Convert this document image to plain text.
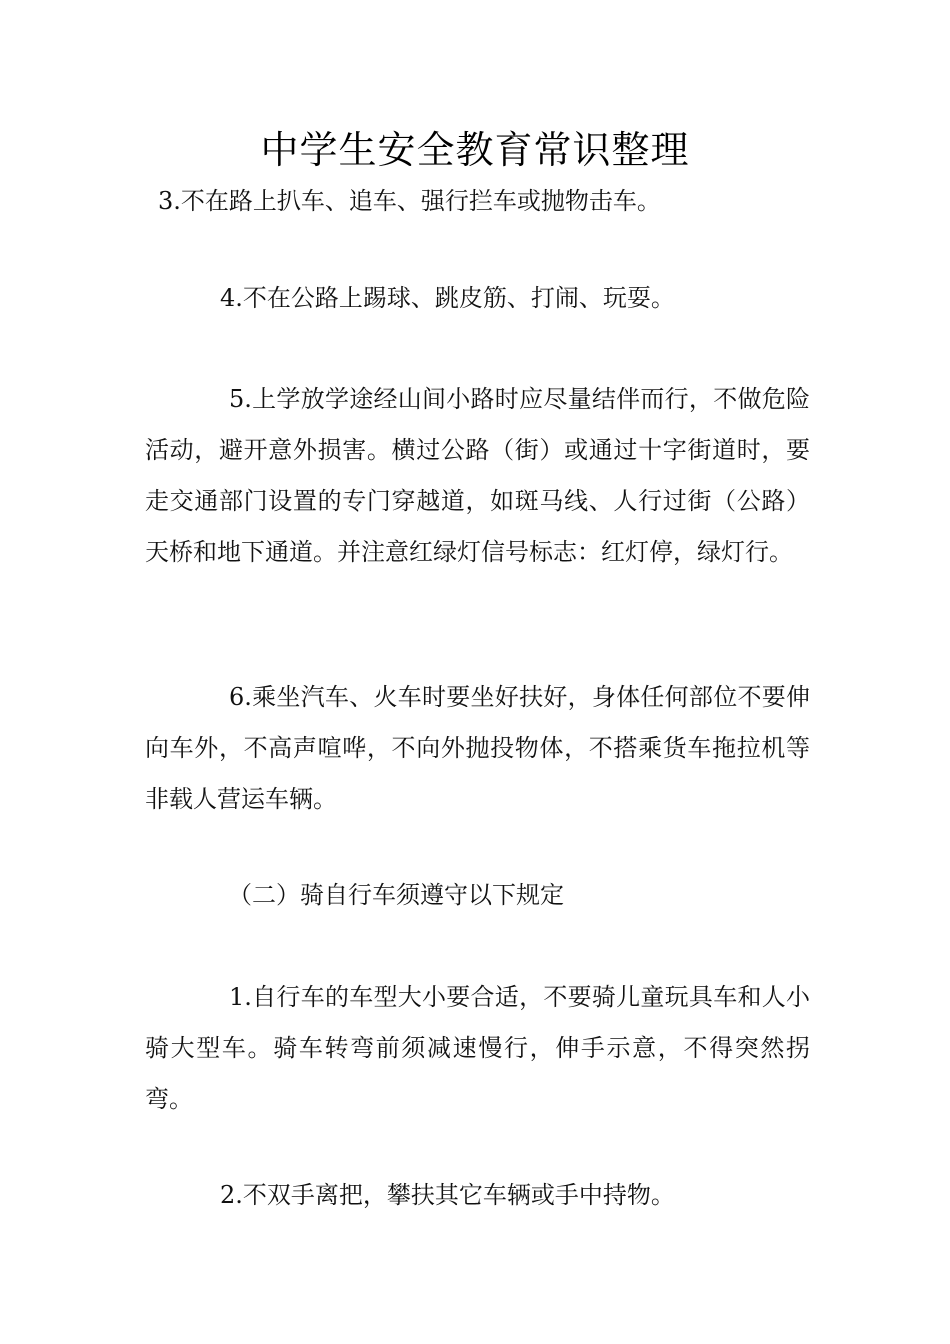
中学生安全教育常识整理

3.不在路上扒车、追车、强行拦车或抛物击车。

4.不在公路上踢球、跳皮筋、打闹、玩耍。

5.上学放学途经山间小路时应尽量结伴而行，不做危险活动，避开意外损害。横过公路（街）或通过十字街道时，要走交通部门设置的专门穿越道，如斑马线、人行过街（公路）天桥和地下通道。并注意红绿灯信号标志：红灯停，绿灯行。

6.乘坐汽车、火车时要坐好扶好，身体任何部位不要伸向车外，不高声喧哗，不向外抛投物体，不搭乘货车拖拉机等非载人营运车辆。

（二）骑自行车须遵守以下规定

1.自行车的车型大小要合适，不要骑儿童玩具车和人小骑大型车。骑车转弯前须减速慢行，伸手示意，不得突然拐弯。

2.不双手离把，攀扶其它车辆或手中持物。
